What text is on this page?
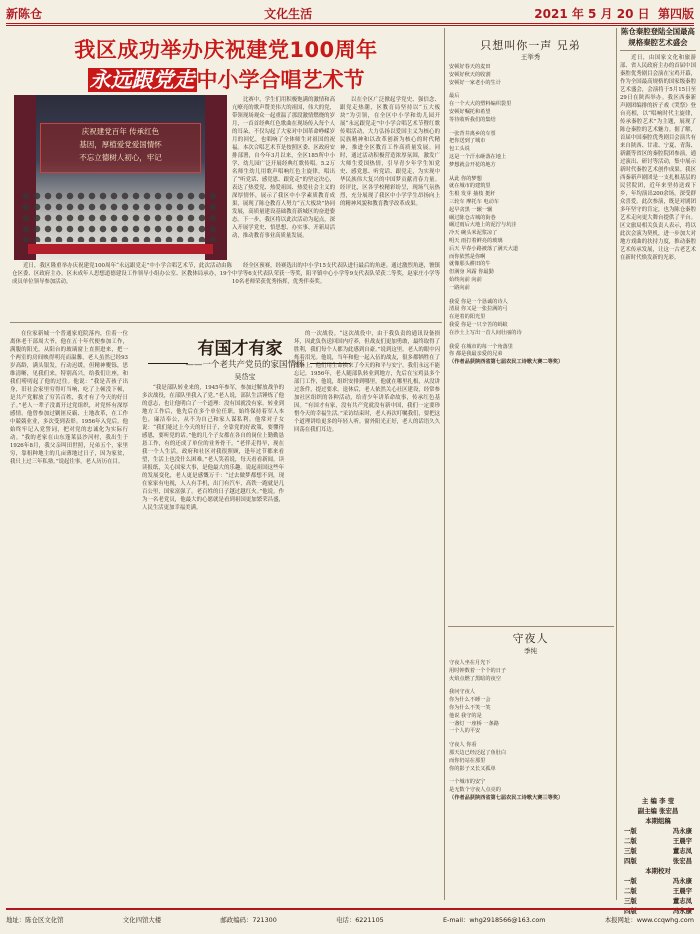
新陈仓	文化生活	2021 年 5 月 20 日 第四版
我区成功举办庆祝建党100周年
永远跟党走中小学合唱艺术节
庆祝建党百年 传承红色
基因，厚植爱党爱国情怀
不忘立德树人初心，牢记

比赛中，学生们用积极饱满的激情和高亢嘹亮的歌声赞美伟大的祖国，伟大的党，带领现场观众一起重温了那段激情燃烧的岁月，一首首经典红色歌曲在现场传入每个人的耳朵，不仅勾起了大家对中国革命峥嵘岁月的回忆，也唱响了全体师生对祖国的祝福。本次合唱艺术节是按照区委、区政府安排部署，自今年3月以来，全区185所中小学、幼儿园广泛开展经典红歌传唱。5.2万名师生幼儿用歌声唱响红色主旋律，唱出了“听党话、感党恩、跟党走”的坚定决心，表达了热爱党、热爱祖国、热爱社会主义的深厚情怀，展示了我区中小学素质教育成果，展现了陈仓教育人努力“五大板块”协同发展，高质量建设基础教育新城区的奋进姿态。下一步，我区将以此次活动为起点，深入开展学党史、悟思想、办实事、开新局活动，推动教育事业高质量发展。

以在全区广泛掀起学党史、强信念、跟党走热潮，区教育局坚持以“五大板块”为引领，在全区中小学和幼儿园开展“永远跟党走”中小学合唱艺术节暨红歌传唱活动，大力弘扬以爱国主义为核心的民族精神和以改革创新为核心的时代精神，推进全区教育工作高质量发展。同时，通过活动积极营造浓厚氛围，激发广大师生爱国热情，引导青少年学生知党史、感党恩、听党话、跟党走，为实现中华民族伟大复兴的中国梦贡献青春力量。经评比，区各学校精彩纷呈，现场气氛热烈，充分展现了我区中小学学生昂扬向上的精神风貌和教育教学改革成果。

近日，我区隆重举办庆祝建党100周年“永远跟党走”中小学合唱艺术节，此次活动由陈仓区委、区政府主办，区未成年人思想道德建设工作领导小组办公室、区教体局承办，19个成员单位领导参加活动。

经全区预赛，经赛选出的中小学15支代表队进行最后的角逐。通过激烈角逐，虢镇中学等6支代表队荣获一等奖，阳平镇中心小学等9支代表队荣获二等奖，赵家庄小学等10名老师荣获优秀指挥，优秀伴奏奖。

有国才有家
——一个老共产党员的家国情怀
吴岱宝

在位家新城一个普通家庭院落内，住着一位离休老干部周大爷，他在五十年代便参加工作，满腹的阳光，从阳台的玻璃窗上直照进来，把一个两室的房间映得明亮而温馨，老人虽然已经93岁高龄，满头银发，行动迟缓，但精神矍铄，思维清晰，见我们来，特别高兴，给我们让座，和我们唠叨起了他的过往。他说：“我是苦孩子出身，旧社会家里穷得叮当响，吃了上顿没下顿，是共产党解放了穷苦百姓，我才有了今天的好日子。”老人一辈子没离开过党组织，对党怀有深厚感情。他曾参加过剿匪反霸、土地改革，在工作中兢兢业业，多次受到表彰。1956年入党后，他始终牢记入党誓词，把对党的忠诚化为实际行动。“我的老家在山东蓬莱县沙河村，我出生于1926年8月，我父亲叫田世照，兄弟五个，家里穷，靠租种地主的几亩薄地过日子，因为家贫，我只上过三年私塾。”说起往事，老人历历在目。

“我是部队转业来的，1945年参军，参加过解放战争的多次战役，在部队里我入了党。”老人说，部队生活锤炼了他的意志，也让他明白了一个道理：没有国就没有家。转业到地方工作后，他先后在多个单位任职，始终保持着军人本色，廉洁奉公，从不为自己和家人谋私利。他常对子女说：“我们能过上今天的好日子，全靠党的好政策，要懂得感恩，要听党的话。”他的几个子女都在各自的岗位上勤勤恳恳工作，有的还成了单位的业务骨干。“老伴走得早，现在我一个人生活，政府和社区对我很照顾，逢年过节都来看望，生活上也没什么困难。”老人笑着说，每天看看新闻，读读报纸，关心国家大事，是他最大的乐趣。说起祖国这些年的发展变化，老人更是感慨万千：“过去做梦都想不到，现在家家有电视，人人有手机，出门有汽车，高铁一跑就是几百公里，国家富强了，老百姓的日子越过越红火。”他说，作为一名老党员，他最大的心愿就是看到祖国更加繁荣昌盛，人民生活更加幸福美满。

的一次战役。“这次战役中，由于我负责的通讯设备损坏，因此负伤送回国内疗养，但战友们更加勇敢，最终取得了胜利，我们每个人都为此感到自豪。”说到这里，老人的眼中闪烁着泪光。他说，当年和他一起入伍的战友，很多都牺牲在了战场上，他们用生命换来了今天的和平与安宁，我们永远不能忘记。1956年，老人随部队转业到地方，先后在宝鸡县多个部门工作，他说，组织安排到哪里，他就在哪里扎根，从没讲过条件，提过要求。退休后，老人依然关心社区建设，经常参加社区组织的各种活动，给青少年讲革命故事，传承红色基因。“有国才有家，没有共产党就没有新中国，我们一定要珍惜今天的幸福生活。”采访结束时，老人再次叮嘱我们，要把这个道理讲给更多的年轻人听。窗外阳光正好，老人的话语久久回荡在我们耳边。

只想叫你一声 兄弟
王举秀
安顿好春天的麦田
安顿好秋天的收割
安顿好一家老小的生计
最后
在一个大大的塑料编织袋里
安顿好嘱托和希望
等待收听我们的集结
一张背井离乡的车票
把你送到了城市
包工头说
这是一个汗水砸落在地上
梦想就会开花的地方
从此 你的梦想
就在城市的建筑里
生根 发芽 抽枝 挺秆
三轮车 摩托车 电动车
起早贪黑 一辗一辗
碾过陈仓古城的街巷
碾过雨后大地上的泥泞与坑洼
冷天 碗头米泥浆凉了
明天 雨打着鲜亮的玻璃
后天 早春小路被落了满天大道
而你依然是你啊
就像那头耕田的牛
但满身 风霜 你最勤
始终向前 向前
一路向前
我爱 你是一个恳诚的诗人
清晨 你又是一张拉满的弓
在逆着的阳光里
我爱 你是一只辛苦的蚂蚁
在沙土上写出一首人间壮丽的诗
我爱 在城市的每一个角落里
你 都是我最亲爱的兄弟
（作者品获陕西省第七届农民工诗歌大赛二等奖）
守夜人
季纯
守夜人坐在月光下
用时钟数着一个个的日子
火焰点燃了黑暗的夜空
我问守夜人
你为什么不睡一会
你为什么不笑一笑
他说 我守的是
一盏灯 一座桥 一条路
一个人的平安
守夜人 你看
那天边已经泛起了鱼肚白
而你仍站在那里
你的影子又长又孤单
一个城市的安宁
是无数个守夜人点亮的
（作者品获陕西省第七届农民工诗歌大赛三等奖）
陈仓秦腔登陆全国最高规格秦腔艺术盛会

近日，由国家文化和旅游部、省人民政府主办的首届中国秦腔优秀剧目会演在宝鸡开幕，作为全国最高规格的国家级秦腔艺术盛会，会演将于5月15日至29日在陕西举办。我区西秦新声剧团编排的折子戏《哭祭》登台亮相，以“唱响时代主旋律，传承秦腔艺术”为主题，展现了陈仓秦腔的艺术魅力。据了解，首届中国秦腔优秀剧目会演共有来自陕西、甘肃、宁夏、青海、新疆等省区的秦腔院团参演，通过演出、研讨等活动，集中展示新时代秦腔艺术创作成果。我区西秦新声剧团是一支扎根基层的民营院团，近年来坚持送戏下乡，年均演出200余场，深受群众喜爱。此次参演，既是对剧团多年坚守的肯定，也为陈仓秦腔艺术走向更大舞台提供了平台。区文旅局相关负责人表示，将以此次会演为契机，进一步加大对地方戏曲的扶持力度，推动秦腔艺术传承发展，让这一古老艺术在新时代焕发新的光彩。

主 编 李 莹
副主编 张宏昌
本期组稿
一版	冯永康
二版	王晨宇
三版	董志凤
四版	张宏昌
本期校对
一版	冯永康
二版	王晨宇
三版	董志凤
四版	冯永康
地址：陈仓区文化馆	文化四馆大楼	邮政编码：721300	电话：6221105	E-mail：whg2918566@163.com	本报网址：www.ccqwhg.com
